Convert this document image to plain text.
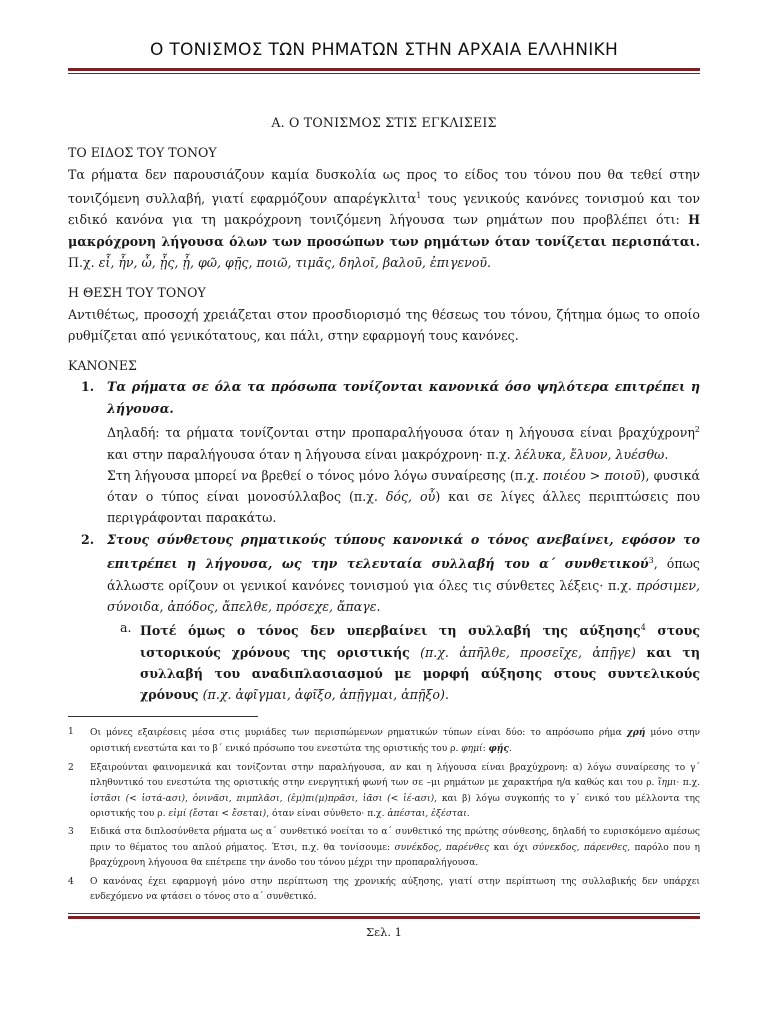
Ο ΤΟΝΙΣΜΟΣ ΤΩΝ ΡΗΜΑΤΩΝ ΣΤΗΝ ΑΡΧΑΙΑ ΕΛΛΗΝΙΚΗ
Α. Ο ΤΟΝΙΣΜΟΣ ΣΤΙΣ ΕΓΚΛΙΣΕΙΣ
ΤΟ ΕΙΔΟΣ ΤΟΥ ΤΟΝΟΥ

Τα ρήματα δεν παρουσιάζουν καμία δυσκολία ως προς το είδος του τόνου που θα τεθεί στην τονιζόμενη συλλαβή, γιατί εφαρμόζουν απαρέγκλιτα$^1$ τους γενικούς κανόνες τονισμού και τον ειδικό κανόνα για τη μακρόχρονη τονιζόμενη λήγουσα των ρημάτων που προβλέπει ότι: Η μακρόχρονη λήγουσα όλων των προσώπων των ρημάτων όταν τονίζεται περισπάται. Π.χ. εἶ, ἦν, ὦ, ᾖς, ᾖ, φῶ, φῇς, ποιῶ, τιμᾶς, δηλοῖ, βαλοῦ, ἐπιγενοῦ.

Η ΘΕΣΗ ΤΟΥ ΤΟΝΟΥ

Αντιθέτως, προσοχή χρειάζεται στον προσδιορισμό της θέσεως του τόνου, ζήτημα όμως το οποίο ρυθμίζεται από γενικότατους, και πάλι, στην εφαρμογή τους κανόνες.

ΚΑΝΟΝΕΣ
1. Τα ρήματα σε όλα τα πρόσωπα τονίζονται κανονικά όσο ψηλότερα επιτρέπει η λήγουσα.

Δηλαδή: τα ρήματα τονίζονται στην προπαραλήγουσα όταν η λήγουσα είναι βραχύχρονη$^2$ και στην παραλήγουσα όταν η λήγουσα είναι μακρόχρονη· π.χ. λέλυκα, ἔλυον, λυέσθω.

Στη λήγουσα μπορεί να βρεθεί ο τόνος μόνο λόγω συναίρεσης (π.χ. ποιέου > ποιοῦ), φυσικά όταν ο τύπος είναι μονοσύλλαβος (π.χ. δός, οὖ) και σε λίγες άλλες περιπτώσεις που περιγράφονται παρακάτω.

2. Στους σύνθετους ρηματικούς τύπους κανονικά ο τόνος ανεβαίνει, εφόσον το επιτρέπει η λήγουσα, ως την τελευταία συλλαβή του α΄ συνθετικού$^3$, όπως άλλωστε ορίζουν οι γενικοί κανόνες τονισμού για όλες τις σύνθετες λέξεις· π.χ. πρόσιμεν, σύνοιδα, ἀπόδος, ἄπελθε, πρόσεχε, ἄπαγε.

a. Ποτέ όμως ο τόνος δεν υπερβαίνει τη συλλαβή της αύξησης$^4$ στους ιστορικούς χρόνους της οριστικής (π.χ. ἀπῆλθε, προσεῖχε, ἀπῇγε) και τη συλλαβή του αναδιπλασιασμού με μορφή αύξησης στους συντελικούς χρόνους (π.χ. ἀφῖγμαι, ἀφῖξο, ἀπῇγμαι, ἀπῇξο).

1 Οι μόνες εξαιρέσεις μέσα στις μυριάδες των περισπώμενων ρηματικών τύπων είναι δύο: το απρόσωπο ρήμα χρή μόνο στην οριστική ενεστώτα και το β΄ ενικό πρόσωπο του ενεστώτα της οριστικής του ρ. φημί: φῄς.
2 Εξαιρούνται φαινομενικά και τονίζονται στην παραλήγουσα, αν και η λήγουσα είναι βραχύχρονη: α) λόγω συναίρεσης το γ΄ πληθυντικό του ενεστώτα της οριστικής στην ενεργητική φωνή των σε –μι ρημάτων με χαρακτήρα η/α καθώς και του ρ. ἵημι· π.χ. ἱστᾶσι (< ἱστά-ασι), ὀνινᾶσι, πιμπλᾶσι, (ἐμ)πι(μ)πρᾶσι, ἱᾶσι (< ἱέ-ασι), και β) λόγω συγκοπής το γ΄ ενικό του μέλλοντα της οριστικής του ρ. εἰμί (ἔσται < ἔσεται), όταν είναι σύνθετο· π.χ. ἀπέσται, ἐξέσται.
3 Ειδικά στα διπλοσύνθετα ρήματα ως α΄ συνθετικό νοείται το α΄ συνθετικό της πρώτης σύνθεσης, δηλαδή το ευρισκόμενο αμέσως πριν το θέματος του απλού ρήματος. Έτσι, π.χ. θα τονίσουμε: συνέκδος, παρένθες και όχι σύνεκδος, πάρενθες, παρόλο που η βραχύχρονη λήγουσα θα επέτρεπε την άνοδο του τόνου μέχρι την προπαραλήγουσα.
4 Ο κανόνας έχει εφαρμογή μόνο στην περίπτωση της χρονικής αύξησης, γιατί στην περίπτωση της συλλαβικής δεν υπάρχει ενδεχόμενο να φτάσει ο τόνος στο α΄ συνθετικό.
Σελ. 1
